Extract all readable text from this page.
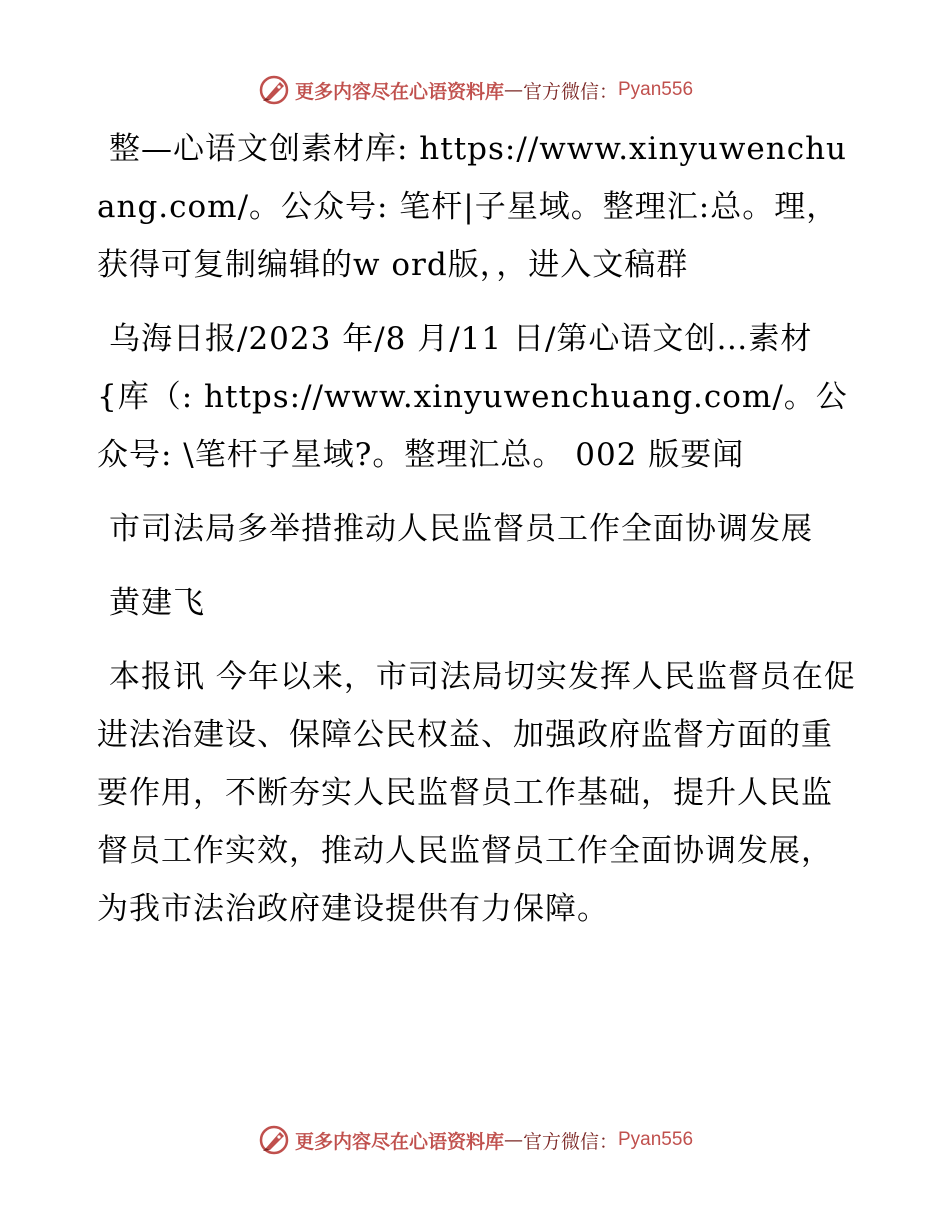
更多内容尽在心语资料库 — 官方微信： Pyan556

整—心语文创素材库: https://www.xinyuwenchuang.com/。公众号: 笔杆|子星域。整理汇:总。理，获得可复制编辑的w ord版，，进入文稿群

乌海日报/2023 年/8 月/11 日/第心语文创…素材{库（: https://www.xinyuwenchuang.com/。公众号: \笔杆子星域?。整理汇总。 002 版要闻

市司法局多举措推动人民监督员工作全面协调发展

黄建飞

本报讯 今年以来，市司法局切实发挥人民监督员在促进法治建设、保障公民权益、加强政府监督方面的重要作用，不断夯实人民监督员工作基础，提升人民监督员工作实效，推动人民监督员工作全面协调发展，为我市法治政府建设提供有力保障。

更多内容尽在心语资料库 — 官方微信： Pyan556
